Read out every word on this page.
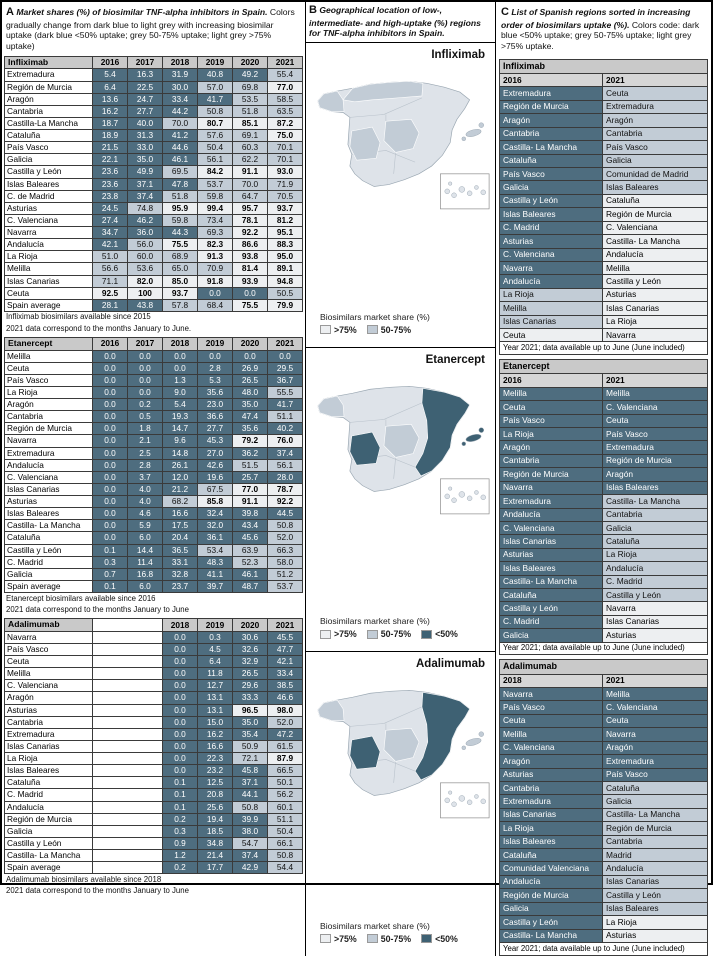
A Market shares (%) of biosimilar TNF-alpha inhibitors in Spain. Colors gradually change from dark blue to light grey with increasing biosimilar uptake (dark blue <50% uptake; grey 50-75% uptake; light grey >75% uptake)
Infliximab	2016	2017	2018	2019	2020	2021
Extremadura	5.4	16.3	31.9	40.8	49.2	55.4
Región de Murcia	6.4	22.5	30.0	57.0	69.8	77.0
Aragón	13.6	24.7	33.4	41.7	53.5	58.5
Cantabria	16.2	27.7	44.2	50.8	51.8	63.5
Castilla-La Mancha	18.7	40.0	70.0	80.7	85.1	87.2
Cataluña	18.9	31.3	41.2	57.6	69.1	75.0
País Vasco	21.5	33.0	44.6	50.4	60.3	70.1
Galicia	22.1	35.0	46.1	56.1	62.2	70.1
Castilla y León	23.6	49.9	69.5	84.2	91.1	93.0
Islas Baleares	23.6	37.1	47.8	53.7	70.0	71.9
C. de Madrid	23.8	37.4	51.8	59.8	64.7	70.5
Asturias	24.5	74.8	95.9	99.4	95.7	93.7
C. Valenciana	27.4	46.2	59.8	73.4	78.1	81.2
Navarra	34.7	36.0	44.3	69.3	92.2	95.1
Andalucía	42.1	56.0	75.5	82.3	86.6	88.3
La Rioja	51.0	60.0	68.9	91.3	93.8	95.0
Melilla	56.6	53.6	65.0	70.9	81.4	89.1
Islas Canarias	71.1	82.0	85.0	91.8	93.9	94.8
Ceuta	92.5	100	93.7	0.0	0.0	50.5
Spain average	28.1	43.8	57.8	68.4	75.5	79.9
Infliximab biosimilars available since 2015
2021 data correspond to the months January to June.
Etanercept	2016	2017	2018	2019	2020	2021
Melilla	0.0	0.0	0.0	0.0	0.0	0.0
Ceuta	0.0	0.0	0.0	2.8	26.9	29.5
País Vasco	0.0	0.0	1.3	5.3	26.5	36.7
La Rioja	0.0	0.0	9.0	35.6	48.0	55.5
Aragón	0.0	0.2	5.4	23.0	35.0	41.7
Cantabria	0.0	0.5	19.3	36.6	47.4	51.1
Región de Murcia	0.0	1.8	14.7	27.7	35.6	40.2
Navarra	0.0	2.1	9.6	45.3	79.2	76.0
Extremadura	0.0	2.5	14.8	27.0	36.2	37.4
Andalucía	0.0	2.8	26.1	42.6	51.5	56.1
C. Valenciana	0.0	3.7	12.0	19.6	25.7	28.0
Islas Canarias	0.0	4.0	21.2	67.5	77.0	78.7
Asturias	0.0	4.0	68.2	85.8	91.1	92.2
Islas Baleares	0.0	4.6	16.6	32.4	39.8	44.5
Castilla- La Mancha	0.0	5.9	17.5	32.0	43.4	50.8
Cataluña	0.0	6.0	20.4	36.1	45.6	52.0
Castilla y León	0.1	14.4	36.5	53.4	63.9	66.3
C. Madrid	0.3	11.4	33.1	48.3	52.3	58.0
Galicia	0.7	16.8	32.8	41.1	46.1	51.2
Spain average	0.1	6.0	23.7	39.7	48.7	53.7
Etanercept biosimilars available since 2016
2021 data correspond to the months January to June
Adalimumab		2018	2019	2020	2021
Navarra		0.0	0.3	30.6	45.5
País Vasco		0.0	4.5	32.6	47.7
Ceuta		0.0	6.4	32.9	42.1
Melilla		0.0	11.8	26.5	33.4
C. Valenciana		0.0	12.7	29.6	38.5
Aragón		0.0	13.1	33.3	46.6
Asturias		0.0	13.1	96.5	98.0
Cantabria		0.0	15.0	35.0	52.0
Extremadura		0.0	16.2	35.4	47.2
Islas Canarias		0.0	16.6	50.9	61.5
La Rioja		0.0	22.3	72.1	87.9
Islas Baleares		0.0	23.2	45.8	66.5
Cataluña		0.1	12.5	37.1	50.1
C. Madrid		0.1	20.8	44.1	56.2
Andalucía		0.1	25.6	50.8	60.1
Región de Murcia		0.2	19.4	39.9	51.1
Galicia		0.3	18.5	38.0	50.4
Castilla y León		0.9	34.8	54.7	66.1
Castilla- La Mancha		1.2	21.4	37.4	50.8
Spain average		0.2	17.7	42.9	54.4
Adalimumab biosimilars available since 2018
2021 data correspond to the months January to June
B Geographical location of low-, intermediate- and high-uptake (%) regions for TNF-alpha inhibitors in Spain.
Infliximab
Biosimilars market share (%)
>75%	50-75%
Etanercept
Biosimilars market share (%)
>75%	50-75%	<50%
Adalimumab
Biosimilars market share (%)
>75%	50-75%	<50%
C List of Spanish regions sorted in increasing order of biosimilars uptake (%). Colors code: dark blue <50% uptake; grey 50-75% uptake; light grey >75% uptake.
Infliximab	
2016	2021
Extremadura	Ceuta
Región de Murcia	Extremadura
Aragón	Aragón
Cantabria	Cantabria
Castilla- La Mancha	País Vasco
Cataluña	Galicia
País Vasco	Comunidad de Madrid
Galicia	Islas Baleares
Castilla y León	Cataluña
Islas Baleares	Región de Murcia
C. Madrid	C. Valenciana
Asturias	Castilla- La Mancha
C. Valenciana	Andalucía
Navarra	Melilla
Andalucía	Castilla y León
La Rioja	Asturias
Melilla	Islas Canarias
Islas Canarias	La Rioja
Ceuta	Navarra
Year 2021; data available up to June (June included)	
Etanercept	
2016	2021
Melilla	Melilla
Ceuta	C. Valenciana
País Vasco	Ceuta
La Rioja	País Vasco
Aragón	Extremadura
Cantabria	Región de Murcia
Región de Murcia	Aragón
Navarra	Islas Baleares
Extremadura	Castilla- La Mancha
Andalucía	Cantabria
C. Valenciana	Galicia
Islas Canarias	Cataluña
Asturias	La Rioja
Islas Baleares	Andalucía
Castilla- La Mancha	C. Madrid
Cataluña	Castilla y León
Castilla y León	Navarra
C. Madrid	Islas Canarias
Galicia	Asturias
Year 2021; data available up to June (June included)	
Adalimumab	
2018	2021
Navarra	Melilla
País Vasco	C. Valenciana
Ceuta	Ceuta
Melilla	Navarra
C. Valenciana	Aragón
Aragón	Extremadura
Asturias	País Vasco
Cantabria	Cataluña
Extremadura	Galicia
Islas Canarias	Castilla- La Mancha
La Rioja	Región de Murcia
Islas Baleares	Cantabria
Cataluña	Madrid
Comunidad Valenciana	Andalucía
Andalucía	Islas Canarias
Región de Murcia	Castilla y León
Galicia	Islas Baleares
Castilla y León	La Rioja
Castilla- La Mancha	Asturias
Year 2021; data available up to June (June included)	
